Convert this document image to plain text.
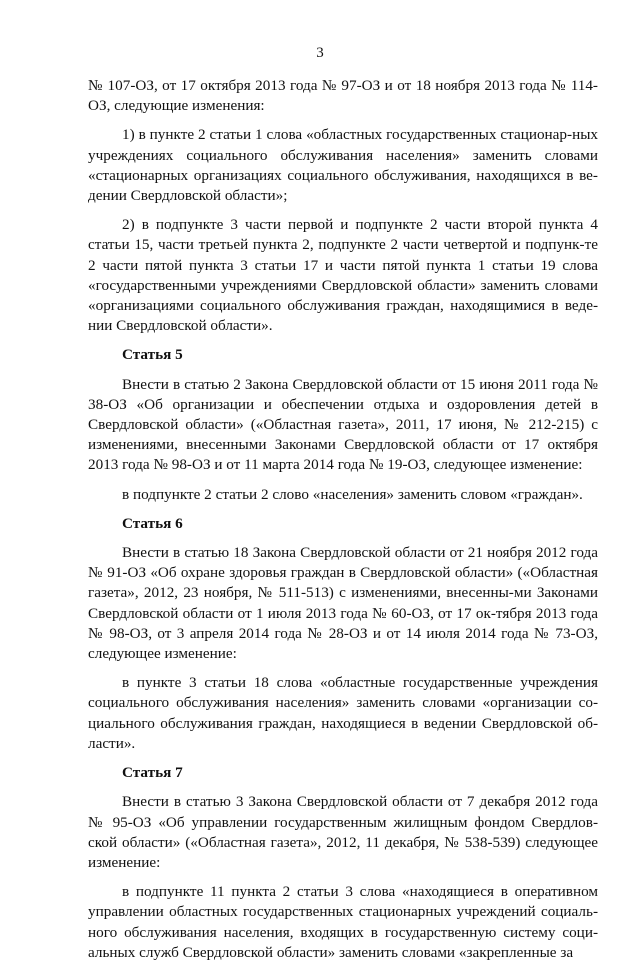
3

№ 107-ОЗ, от 17 октября 2013 года № 97-ОЗ и от 18 ноября 2013 года № 114-ОЗ, следующие изменения:

1) в пункте 2 статьи 1 слова «областных государственных стационар-ных учреждениях социального обслуживания населения» заменить словами «стационарных организациях социального обслуживания, находящихся в ве-дении Свердловской области»;

2) в подпункте 3 части первой и подпункте 2 части второй пункта 4 статьи 15, части третьей пункта 2, подпункте 2 части четвертой и подпунк-те 2 части пятой пункта 3 статьи 17 и части пятой пункта 1 статьи 19 слова «государственными учреждениями Свердловской области» заменить словами «организациями социального обслуживания граждан, находящимися в веде-нии Свердловской области».

Статья 5

Внести в статью 2 Закона Свердловской области от 15 июня 2011 года № 38-ОЗ «Об организации и обеспечении отдыха и оздоровления детей в Свердловской области» («Областная газета», 2011, 17 июня, № 212-215) с изменениями, внесенными Законами Свердловской области от 17 октября 2013 года № 98-ОЗ и от 11 марта 2014 года № 19-ОЗ, следующее изменение:

в подпункте 2 статьи 2 слово «населения» заменить словом «граждан».

Статья 6

Внести в статью 18 Закона Свердловской области от 21 ноября 2012 года № 91-ОЗ «Об охране здоровья граждан в Свердловской области» («Областная газета», 2012, 23 ноября, № 511-513) с изменениями, внесенны-ми Законами Свердловской области от 1 июля 2013 года № 60-ОЗ, от 17 ок-тября 2013 года № 98-ОЗ, от 3 апреля 2014 года № 28-ОЗ и от 14 июля 2014 года № 73-ОЗ, следующее изменение:

в пункте 3 статьи 18 слова «областные государственные учреждения социального обслуживания населения» заменить словами «организации со-циального обслуживания граждан, находящиеся в ведении Свердловской об-ласти».

Статья 7

Внести в статью 3 Закона Свердловской области от 7 декабря 2012 года № 95-ОЗ «Об управлении государственным жилищным фондом Свердлов-ской области» («Областная газета», 2012, 11 декабря, № 538-539) следующее изменение:

в подпункте 11 пункта 2 статьи 3 слова «находящиеся в оперативном управлении областных государственных стационарных учреждений социаль-ного обслуживания населения, входящих в государственную систему соци-альных служб Свердловской области» заменить словами «закрепленные за
